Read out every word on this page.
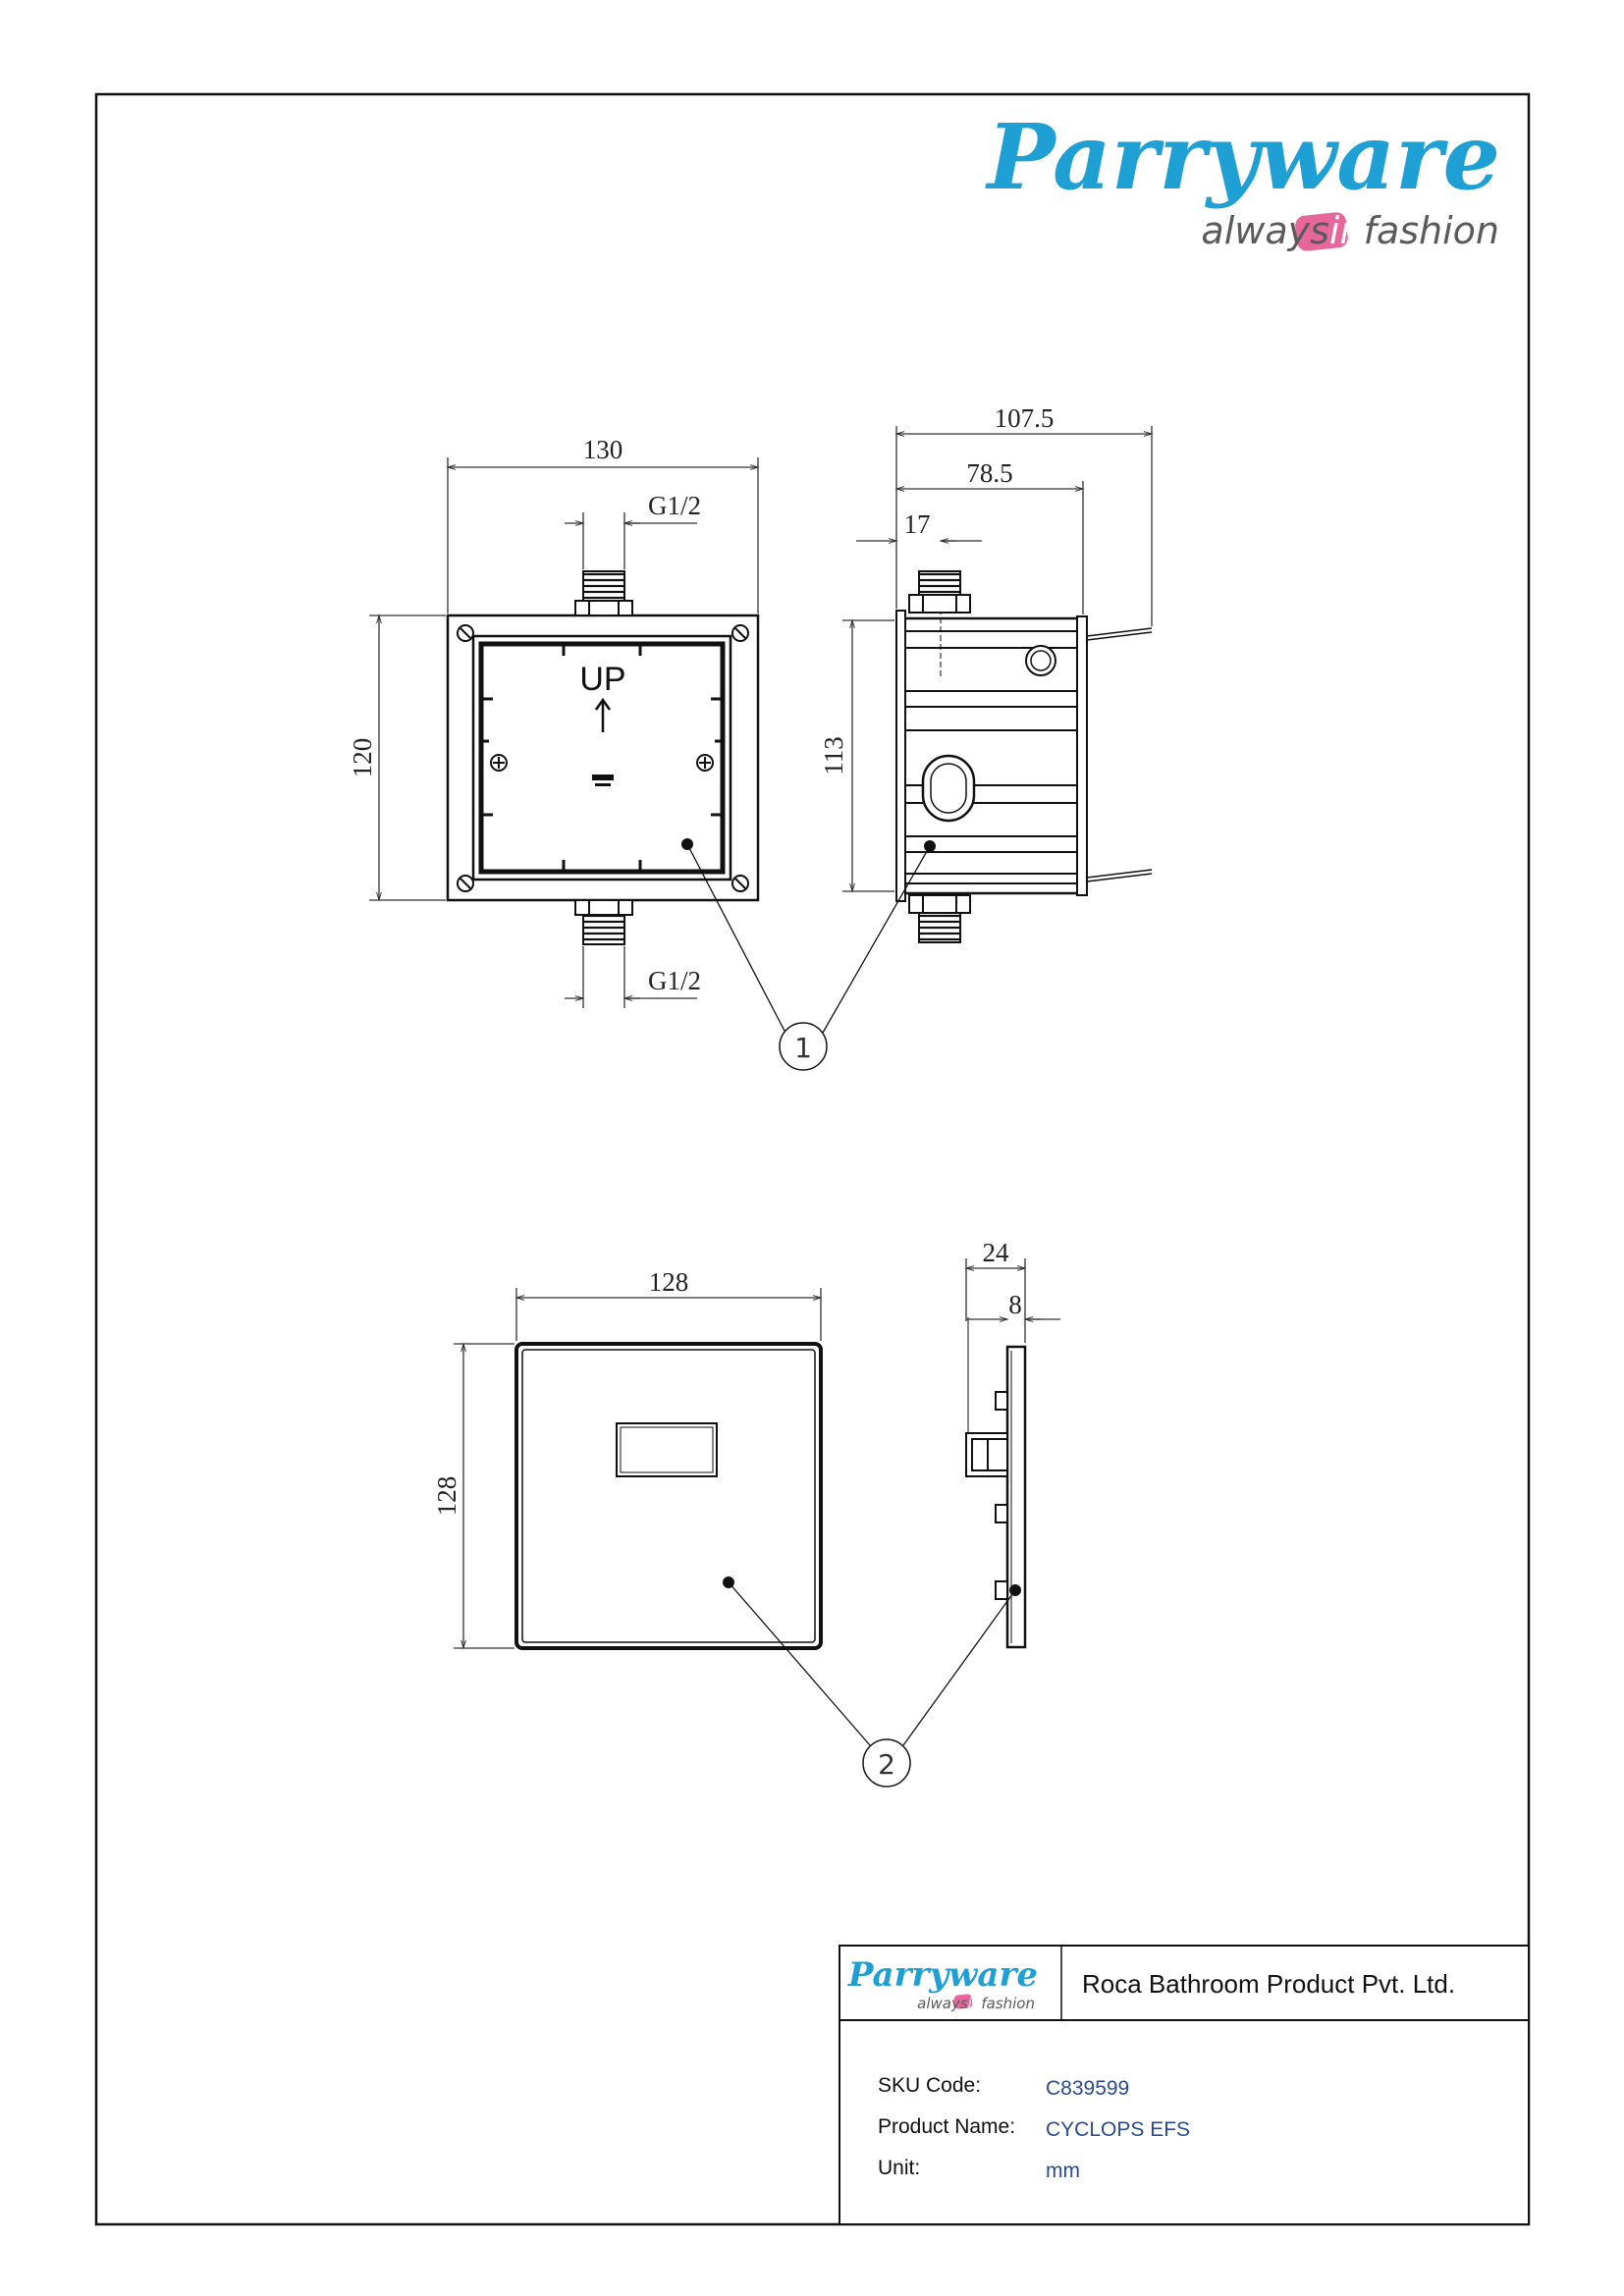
Parryware
alwaysinfashion
UP
130
120
G1/2
G1/2
107.5
78.5
17
113
1
128
128
24
8
2
Parryware
alwaysinfashion
Roca Bathroom Product Pvt. Ltd.
SKU Code:	C839599
Product Name: CYCLOPS EFS
Unit:	mm
